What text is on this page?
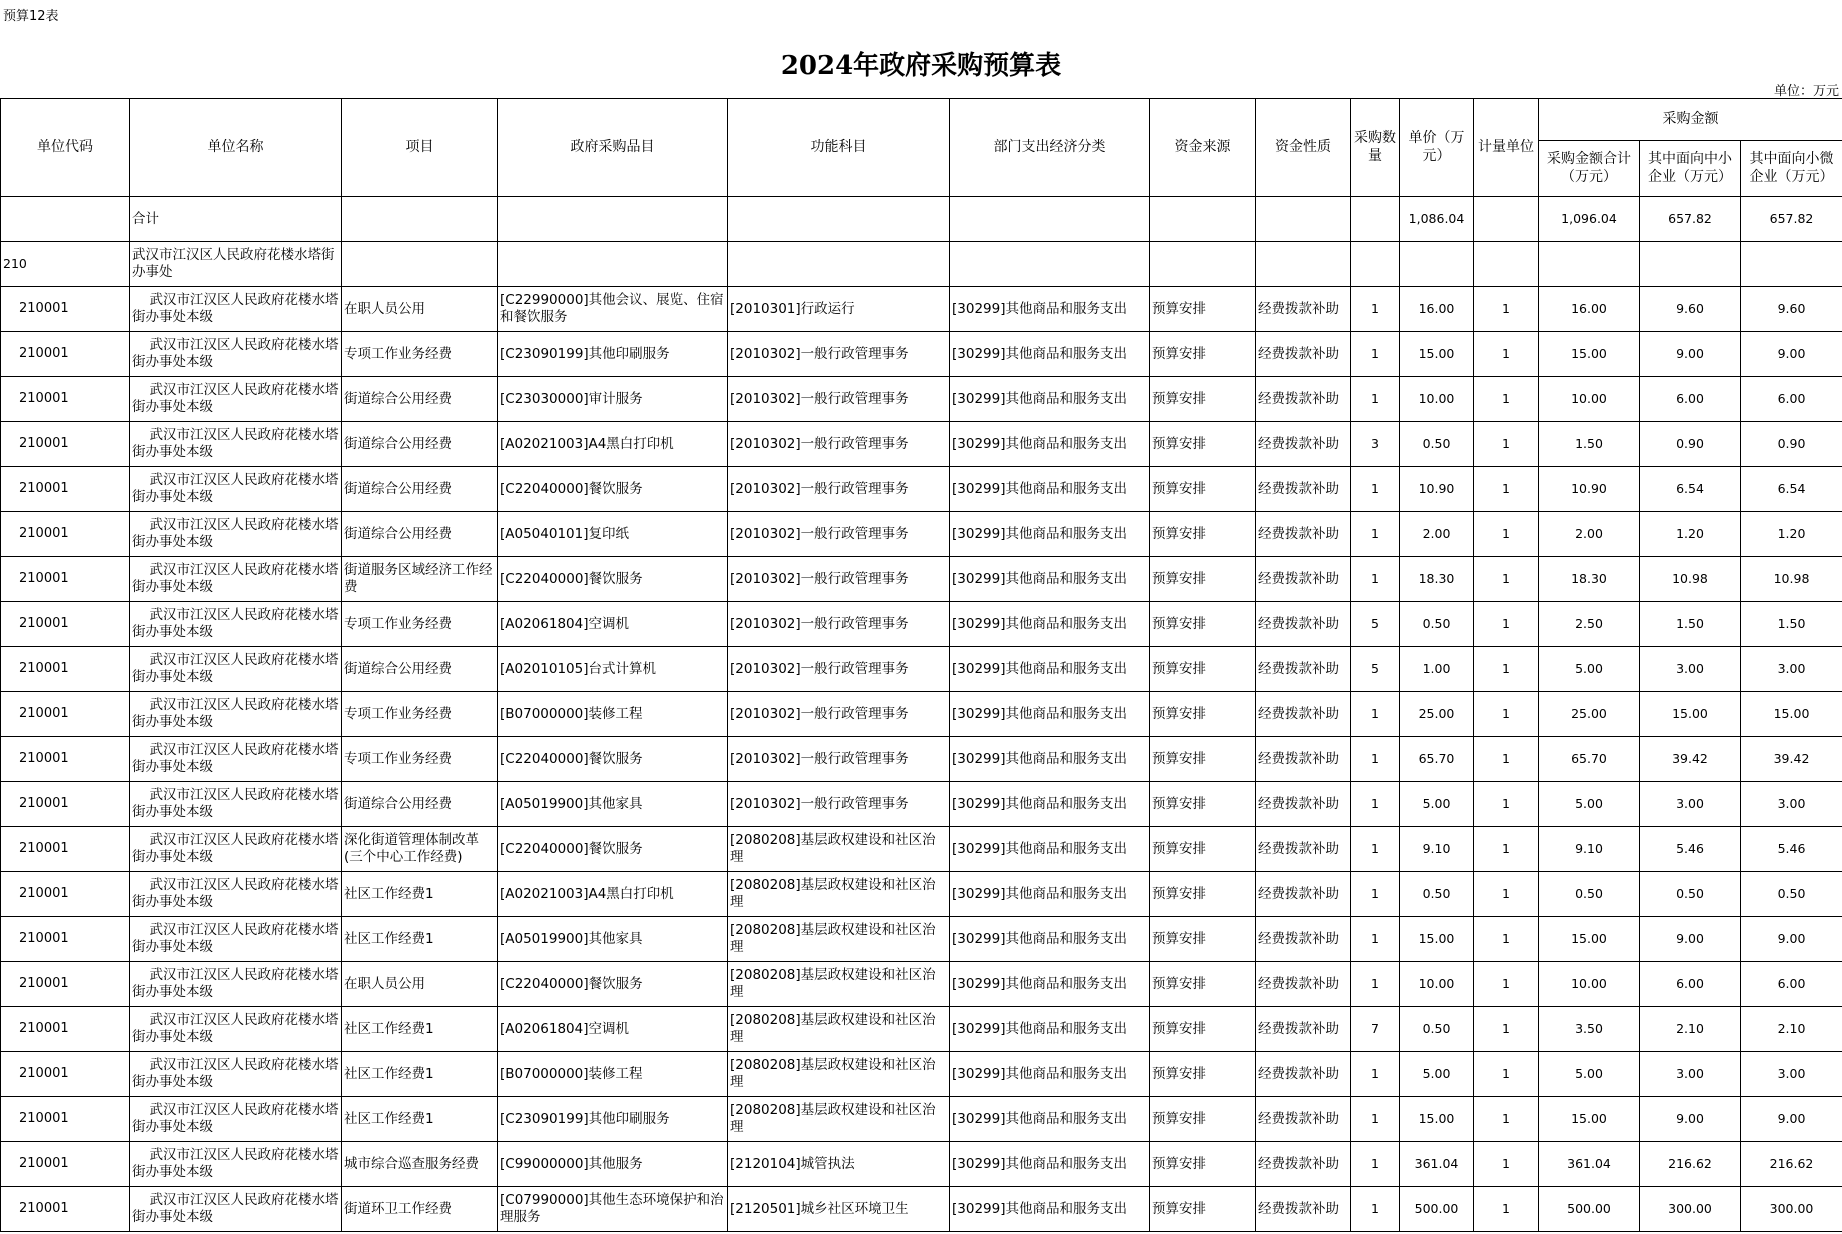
预算12表
2024年政府采购预算表
单位：万元
单位代码	单位名称	项目	政府采购品目	功能科目	部门支出经济分类	资金来源	资金性质	采购数量	单价（万元）	计量单位	采购金额		
											采购金额合计（万元）	其中面向中小企业（万元）	其中面向小微企业（万元）
	合计								1,086.04		1,096.04	657.82	657.82
210	武汉市江汉区人民政府花楼水塔街办事处												
210001	武汉市江汉区人民政府花楼水塔街办事处本级	在职人员公用	[C22990000]其他会议、展览、住宿和餐饮服务	[2010301]行政运行	[30299]其他商品和服务支出	预算安排	经费拨款补助	1	16.00	1	16.00	9.60	9.60
210001	武汉市江汉区人民政府花楼水塔街办事处本级	专项工作业务经费	[C23090199]其他印刷服务	[2010302]一般行政管理事务	[30299]其他商品和服务支出	预算安排	经费拨款补助	1	15.00	1	15.00	9.00	9.00
210001	武汉市江汉区人民政府花楼水塔街办事处本级	街道综合公用经费	[C23030000]审计服务	[2010302]一般行政管理事务	[30299]其他商品和服务支出	预算安排	经费拨款补助	1	10.00	1	10.00	6.00	6.00
210001	武汉市江汉区人民政府花楼水塔街办事处本级	街道综合公用经费	[A02021003]A4黑白打印机	[2010302]一般行政管理事务	[30299]其他商品和服务支出	预算安排	经费拨款补助	3	0.50	1	1.50	0.90	0.90
210001	武汉市江汉区人民政府花楼水塔街办事处本级	街道综合公用经费	[C22040000]餐饮服务	[2010302]一般行政管理事务	[30299]其他商品和服务支出	预算安排	经费拨款补助	1	10.90	1	10.90	6.54	6.54
210001	武汉市江汉区人民政府花楼水塔街办事处本级	街道综合公用经费	[A05040101]复印纸	[2010302]一般行政管理事务	[30299]其他商品和服务支出	预算安排	经费拨款补助	1	2.00	1	2.00	1.20	1.20
210001	武汉市江汉区人民政府花楼水塔街办事处本级	街道服务区域经济工作经费	[C22040000]餐饮服务	[2010302]一般行政管理事务	[30299]其他商品和服务支出	预算安排	经费拨款补助	1	18.30	1	18.30	10.98	10.98
210001	武汉市江汉区人民政府花楼水塔街办事处本级	专项工作业务经费	[A02061804]空调机	[2010302]一般行政管理事务	[30299]其他商品和服务支出	预算安排	经费拨款补助	5	0.50	1	2.50	1.50	1.50
210001	武汉市江汉区人民政府花楼水塔街办事处本级	街道综合公用经费	[A02010105]台式计算机	[2010302]一般行政管理事务	[30299]其他商品和服务支出	预算安排	经费拨款补助	5	1.00	1	5.00	3.00	3.00
210001	武汉市江汉区人民政府花楼水塔街办事处本级	专项工作业务经费	[B07000000]装修工程	[2010302]一般行政管理事务	[30299]其他商品和服务支出	预算安排	经费拨款补助	1	25.00	1	25.00	15.00	15.00
210001	武汉市江汉区人民政府花楼水塔街办事处本级	专项工作业务经费	[C22040000]餐饮服务	[2010302]一般行政管理事务	[30299]其他商品和服务支出	预算安排	经费拨款补助	1	65.70	1	65.70	39.42	39.42
210001	武汉市江汉区人民政府花楼水塔街办事处本级	街道综合公用经费	[A05019900]其他家具	[2010302]一般行政管理事务	[30299]其他商品和服务支出	预算安排	经费拨款补助	1	5.00	1	5.00	3.00	3.00
210001	武汉市江汉区人民政府花楼水塔街办事处本级	深化街道管理体制改革(三个中心工作经费)	[C22040000]餐饮服务	[2080208]基层政权建设和社区治理	[30299]其他商品和服务支出	预算安排	经费拨款补助	1	9.10	1	9.10	5.46	5.46
210001	武汉市江汉区人民政府花楼水塔街办事处本级	社区工作经费1	[A02021003]A4黑白打印机	[2080208]基层政权建设和社区治理	[30299]其他商品和服务支出	预算安排	经费拨款补助	1	0.50	1	0.50	0.50	0.50
210001	武汉市江汉区人民政府花楼水塔街办事处本级	社区工作经费1	[A05019900]其他家具	[2080208]基层政权建设和社区治理	[30299]其他商品和服务支出	预算安排	经费拨款补助	1	15.00	1	15.00	9.00	9.00
210001	武汉市江汉区人民政府花楼水塔街办事处本级	在职人员公用	[C22040000]餐饮服务	[2080208]基层政权建设和社区治理	[30299]其他商品和服务支出	预算安排	经费拨款补助	1	10.00	1	10.00	6.00	6.00
210001	武汉市江汉区人民政府花楼水塔街办事处本级	社区工作经费1	[A02061804]空调机	[2080208]基层政权建设和社区治理	[30299]其他商品和服务支出	预算安排	经费拨款补助	7	0.50	1	3.50	2.10	2.10
210001	武汉市江汉区人民政府花楼水塔街办事处本级	社区工作经费1	[B07000000]装修工程	[2080208]基层政权建设和社区治理	[30299]其他商品和服务支出	预算安排	经费拨款补助	1	5.00	1	5.00	3.00	3.00
210001	武汉市江汉区人民政府花楼水塔街办事处本级	社区工作经费1	[C23090199]其他印刷服务	[2080208]基层政权建设和社区治理	[30299]其他商品和服务支出	预算安排	经费拨款补助	1	15.00	1	15.00	9.00	9.00
210001	武汉市江汉区人民政府花楼水塔街办事处本级	城市综合巡查服务经费	[C99000000]其他服务	[2120104]城管执法	[30299]其他商品和服务支出	预算安排	经费拨款补助	1	361.04	1	361.04	216.62	216.62
210001	武汉市江汉区人民政府花楼水塔街办事处本级	街道环卫工作经费	[C07990000]其他生态环境保护和治理服务	[2120501]城乡社区环境卫生	[30299]其他商品和服务支出	预算安排	经费拨款补助	1	500.00	1	500.00	300.00	300.00
